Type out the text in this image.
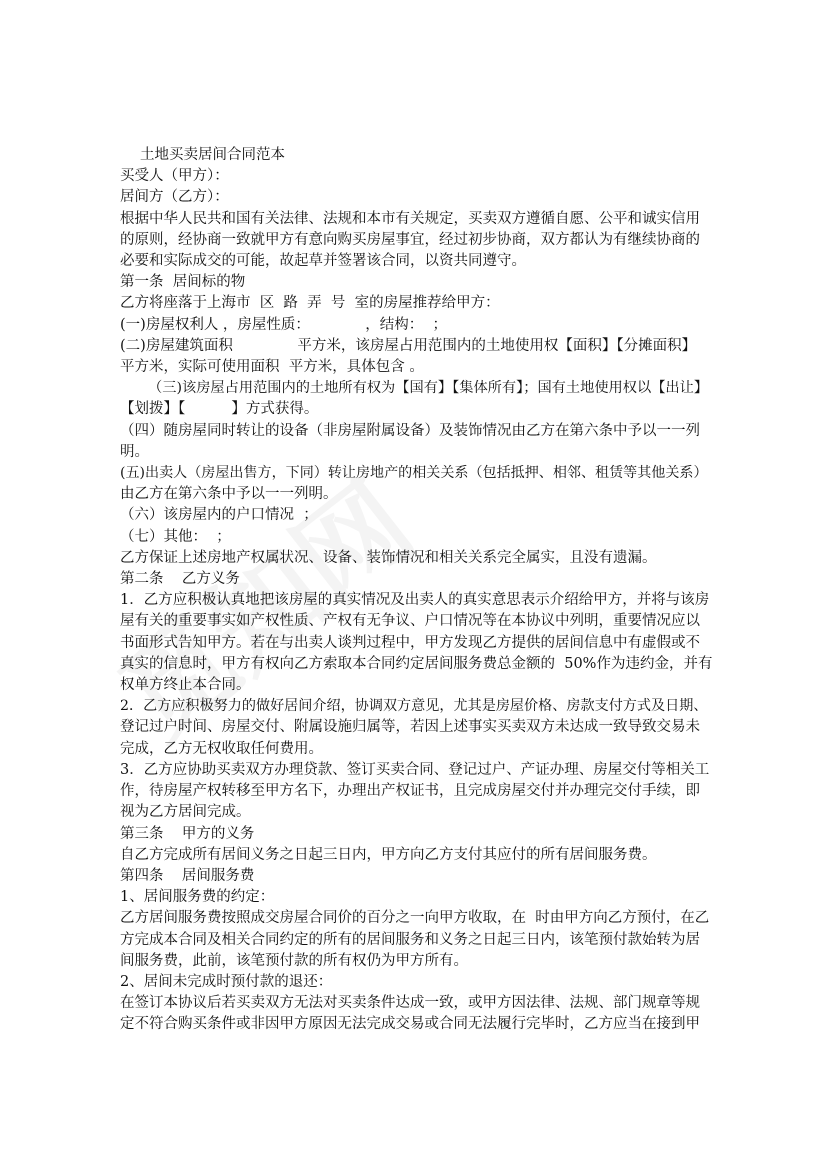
土地买卖居间合同范本
买受人（甲方）：
居间方（乙方）：
根据中华人民共和国有关法律、法规和本市有关规定，买卖双方遵循自愿、公平和诚实信用
的原则，经协商一致就甲方有意向购买房屋事宜，经过初步协商，双方都认为有继续协商的
必要和实际成交的可能，故起草并签署该合同，以资共同遵守。
第一条  居间标的物
乙方将座落于上海市  区  路  弄  号  室的房屋推荐给甲方：
(一)房屋权利人 ，房屋性质：            ，结构：  ；
(二)房屋建筑面积              平方米，该房屋占用范围内的土地使用权【面积】【分摊面积】
平方米，实际可使用面积  平方米，具体包含 。
（三)该房屋占用范围内的土地所有权为【国有】【集体所有】；国有土地使用权以【出让】
【划拨】【          】方式获得。
（四）随房屋同时转让的设备（非房屋附属设备）及装饰情况由乙方在第六条中予以一一列
明。
(五)出卖人（房屋出售方，下同）转让房地产的相关关系（包括抵押、相邻、租赁等其他关系）
由乙方在第六条中予以一一列明。
（六）该房屋内的户口情况  ；
（七）其他：  ；
乙方保证上述房地产权属状况、设备、装饰情况和相关关系完全属实，且没有遗漏。
第二条    乙方义务
1．乙方应积极认真地把该房屋的真实情况及出卖人的真实意思表示介绍给甲方，并将与该房
屋有关的重要事实如产权性质、产权有无争议、户口情况等在本协议中列明，重要情况应以
书面形式告知甲方。若在与出卖人谈判过程中，甲方发现乙方提供的居间信息中有虚假或不
真实的信息时，甲方有权向乙方索取本合同约定居间服务费总金额的  50%作为违约金，并有
权单方终止本合同。
2．乙方应积极努力的做好居间介绍，协调双方意见，尤其是房屋价格、房款支付方式及日期、
登记过户时间、房屋交付、附属设施归属等，若因上述事实买卖双方未达成一致导致交易未
完成，乙方无权收取任何费用。
3．乙方应协助买卖双方办理贷款、签订买卖合同、登记过户、产证办理、房屋交付等相关工
作，待房屋产权转移至甲方名下，办理出产权证书，且完成房屋交付并办理完交付手续，即
视为乙方居间完成。
第三条    甲方的义务
自乙方完成所有居间义务之日起三日内，甲方向乙方支付其应付的所有居间服务费。
第四条    居间服务费
1、居间服务费的约定：
乙方居间服务费按照成交房屋合同价的百分之一向甲方收取，在  时由甲方向乙方预付，在乙
方完成本合同及相关合同约定的所有的居间服务和义务之日起三日内，该笔预付款始转为居
间服务费，此前，该笔预付款的所有权仍为甲方所有。
2、居间未完成时预付款的退还：
在签订本协议后若买卖双方无法对买卖条件达成一致，或甲方因法律、法规、部门规章等规
定不符合购买条件或非因甲方原因无法完成交易或合同无法履行完毕时，乙方应当在接到甲
